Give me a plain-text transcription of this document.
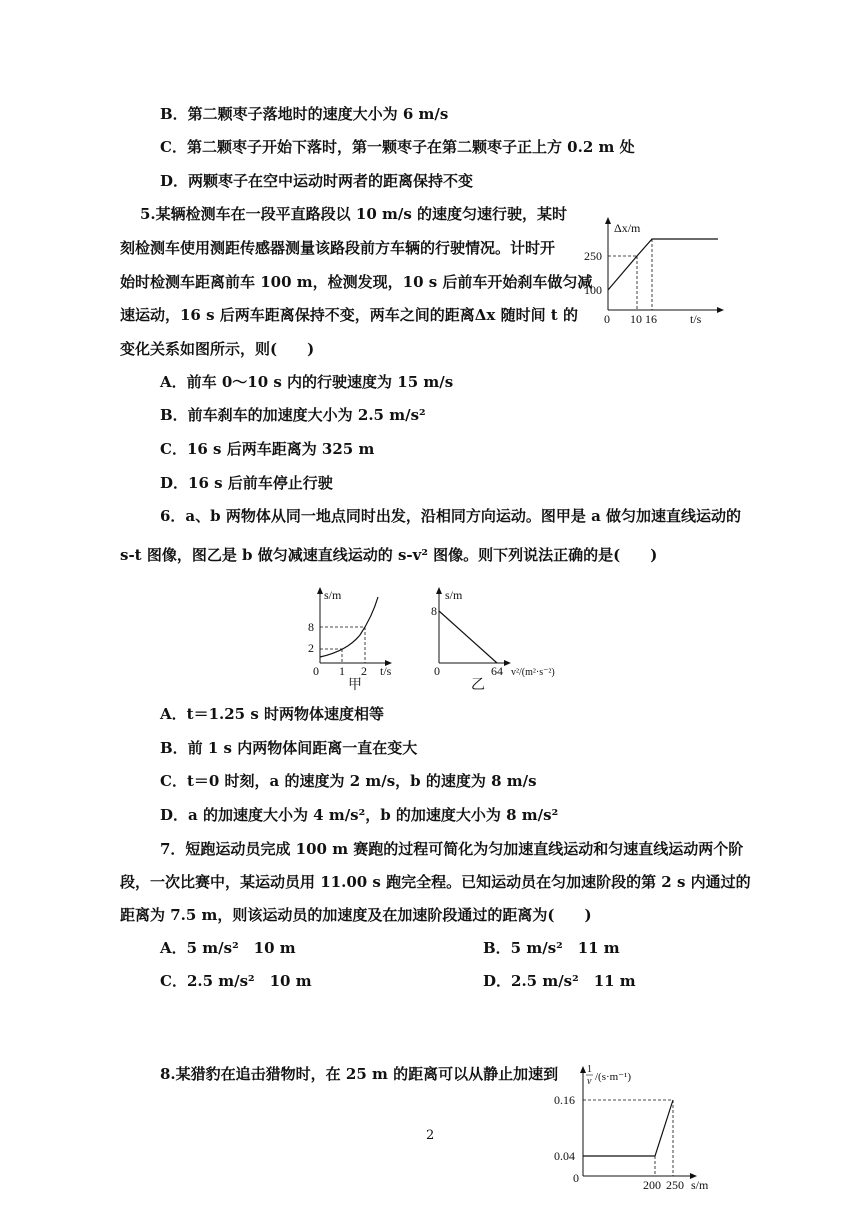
B．第二颗枣子落地时的速度大小为 6 m/s
C．第二颗枣子开始下落时，第一颗枣子在第二颗枣子正上方 0.2 m 处
D．两颗枣子在空中运动时两者的距离保持不变
5.某辆检测车在一段平直路段以 10 m/s 的速度匀速行驶，某时
刻检测车使用测距传感器测量该路段前方车辆的行驶情况。计时开
始时检测车距离前车 100 m，检测发现，10 s 后前车开始刹车做匀减
速运动，16 s 后两车距离保持不变，两车之间的距离Δx 随时间 t 的
变化关系如图所示，则(　　)
Δx/m
250
100
0 10 16	t/s
A．前车 0～10 s 内的行驶速度为 15 m/s
B．前车刹车的加速度大小为 2.5 m/s²
C．16 s 后两车距离为 325 m
D．16 s 后前车停止行驶
6．a、b 两物体从同一地点同时出发，沿相同方向运动。图甲是 a 做匀加速直线运动的
s-t 图像，图乙是 b 做匀减速直线运动的 s-v² 图像。则下列说法正确的是(　　)
s/m
8
2
0 1 2 t/s
甲
s/m
8
0	64 v²/(m²·s⁻²)
乙
A．t＝1.25 s 时两物体速度相等
B．前 1 s 内两物体间距离一直在变大
C．t＝0 时刻，a 的速度为 2 m/s，b 的速度为 8 m/s
D．a 的加速度大小为 4 m/s²，b 的加速度大小为 8 m/s²
7．短跑运动员完成 100 m 赛跑的过程可简化为匀加速直线运动和匀速直线运动两个阶
段，一次比赛中，某运动员用 11.00 s 跑完全程。已知运动员在匀加速阶段的第 2 s 内通过的
距离为 7.5 m，则该运动员的加速度及在加速阶段通过的距离为(　　)
A．5 m/s²　10 m	B．5 m/s²　11 m
C．2.5 m/s²　10 m	D．2.5 m/s²　11 m
8.某猎豹在追击猎物时，在 25 m 的距离可以从静止加速到	1
v /(s·m⁻¹)
0.16
0.04
0	200 250 s/m
2
